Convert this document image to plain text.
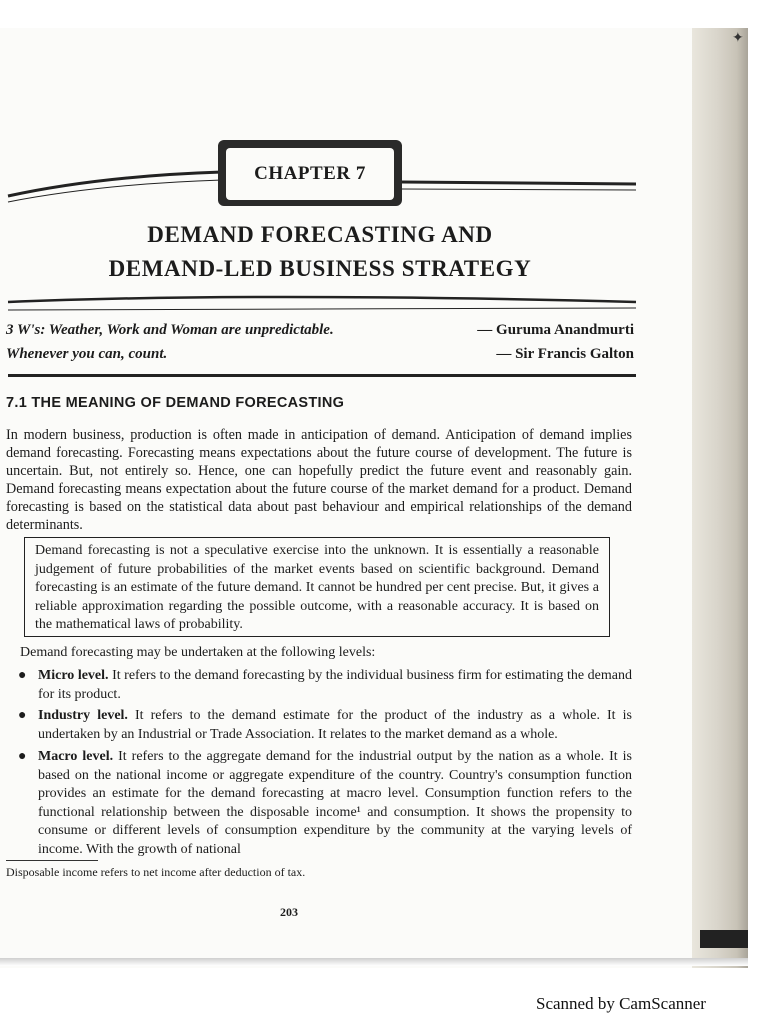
✦
CHAPTER 7
DEMAND FORECASTING AND
DEMAND-LED BUSINESS STRATEGY
3 W's: Weather, Work and Woman are unpredictable.	— Guruma Anandmurti
Whenever you can, count.	— Sir Francis Galton
7.1 THE MEANING OF DEMAND FORECASTING
In modern business, production is often made in anticipation of demand. Anticipation of demand implies demand forecasting. Forecasting means expectations about the future course of development. The future is uncertain. But, not entirely so. Hence, one can hopefully predict the future event and reasonably gain. Demand forecasting means expectation about the future course of the market demand for a product. Demand forecasting is based on the statistical data about past behaviour and empirical relationships of the demand determinants.

Demand forecasting is not a speculative exercise into the unknown. It is essentially a reasonable judgement of future probabilities of the market events based on scientific background. Demand forecasting is an estimate of the future demand. It cannot be hundred per cent precise. But, it gives a reliable approximation regarding the possible outcome, with a reasonable accuracy. It is based on the mathematical laws of probability.

Demand forecasting may be undertaken at the following levels:
● Micro level. It refers to the demand forecasting by the individual business firm for estimating the demand for its product.
● Industry level. It refers to the demand estimate for the product of the industry as a whole. It is undertaken by an Industrial or Trade Association. It relates to the market demand as a whole.
● Macro level. It refers to the aggregate demand for the industrial output by the nation as a whole. It is based on the national income or aggregate expenditure of the country. Country's consumption function provides an estimate for the demand forecasting at macro level. Consumption function refers to the functional relationship between the disposable income¹ and consumption. It shows the propensity to consume or different levels of consumption expenditure by the community at the varying levels of income. With the growth of national
Disposable income refers to net income after deduction of tax.
203
Scanned by CamScanner
